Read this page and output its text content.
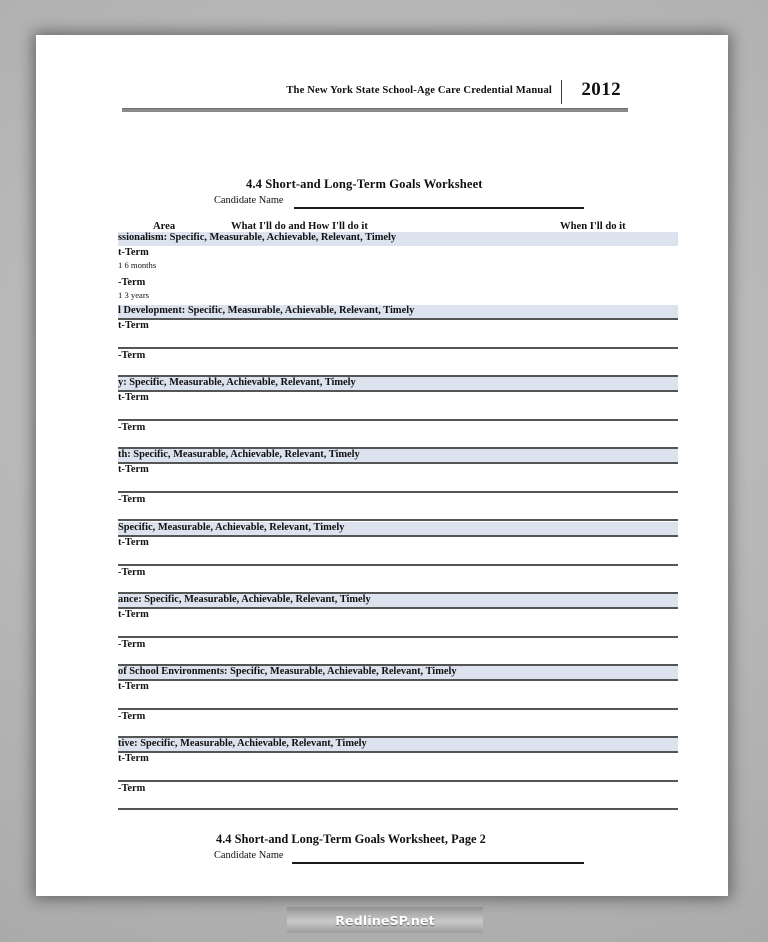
The New York State School-Age Care Credential Manual 2012
4.4 Short-and Long-Term Goals Worksheet
Candidate Name
Area	What I'll do and How I'll do it	When I'll do it
ssionalism: Specific, Measurable, Achievable, Relevant, Timely
t-Term
1 6 months
-Term
1 3 years
l Development: Specific, Measurable, Achievable, Relevant, Timely
t-Term
-Term
y: Specific, Measurable, Achievable, Relevant, Timely
t-Term
-Term
th: Specific, Measurable, Achievable, Relevant, Timely
t-Term
-Term
Specific, Measurable, Achievable, Relevant, Timely
t-Term
-Term
ance: Specific, Measurable, Achievable, Relevant, Timely
t-Term
-Term
of School Environments: Specific, Measurable, Achievable, Relevant, Timely
t-Term
-Term
tive: Specific, Measurable, Achievable, Relevant, Timely
t-Term
-Term
4.4 Short-and Long-Term Goals Worksheet, Page 2
Candidate Name
RedlineSP.net
